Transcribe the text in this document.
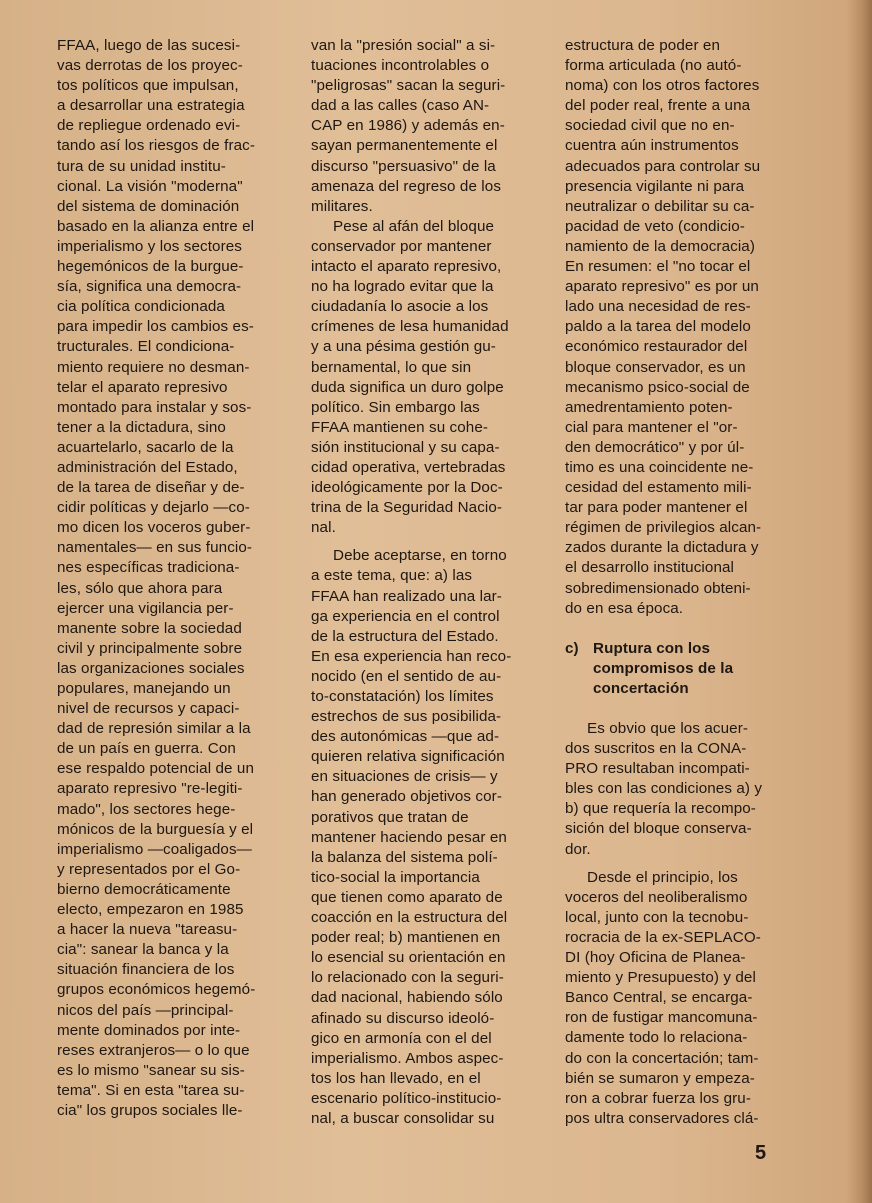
FFAA, luego de las sucesi-
vas derrotas de los proyec-
tos políticos que impulsan,
a desarrollar una estrategia
de repliegue ordenado evi-
tando así los riesgos de frac-
tura de su unidad institu-
cional. La visión "moderna"
del sistema de dominación
basado en la alianza entre el
imperialismo y los sectores
hegemónicos de la burgue-
sía, significa una democra-
cia política condicionada
para impedir los cambios es-
tructurales. El condiciona-
miento requiere no desman-
telar el aparato represivo
montado para instalar y sos-
tener a la dictadura, sino
acuartelarlo, sacarlo de la
administración del Estado,
de la tarea de diseñar y de-
cidir políticas y dejarlo —co-
mo dicen los voceros guber-
namentales— en sus funcio-
nes específicas tradiciona-
les, sólo que ahora para
ejercer una vigilancia per-
manente sobre la sociedad
civil y principalmente sobre
las organizaciones sociales
populares, manejando un
nivel de recursos y capaci-
dad de represión similar a la
de un país en guerra. Con
ese respaldo potencial de un
aparato represivo "re-legiti-
mado", los sectores hege-
mónicos de la burguesía y el
imperialismo —coaligados—
y representados por el Go-
bierno democráticamente
electo, empezaron en 1985
a hacer la nueva "tareasu-
cia": sanear la banca y la
situación financiera de los
grupos económicos hegemó-
nicos del país —principal-
mente dominados por inte-
reses extranjeros— o lo que
es lo mismo "sanear su sis-
tema". Si en esta "tarea su-
cia" los grupos sociales lle-

van la "presión social" a si-
tuaciones incontrolables o
"peligrosas" sacan la seguri-
dad a las calles (caso AN-
CAP en 1986) y además en-
sayan permanentemente el
discurso "persuasivo" de la
amenaza del regreso de los
militares.

Pese al afán del bloque
conservador por mantener
intacto el aparato represivo,
no ha logrado evitar que la
ciudadanía lo asocie a los
crímenes de lesa humanidad
y a una pésima gestión gu-
bernamental, lo que sin
duda significa un duro golpe
político. Sin embargo las
FFAA mantienen su cohe-
sión institucional y su capa-
cidad operativa, vertebradas
ideológicamente por la Doc-
trina de la Seguridad Nacio-
nal.

Debe aceptarse, en torno
a este tema, que: a) las
FFAA han realizado una lar-
ga experiencia en el control
de la estructura del Estado.
En esa experiencia han reco-
nocido (en el sentido de au-
to-constatación) los límites
estrechos de sus posibilida-
des autonómicas —que ad-
quieren relativa significación
en situaciones de crisis— y
han generado objetivos cor-
porativos que tratan de
mantener haciendo pesar en
la balanza del sistema polí-
tico-social la importancia
que tienen como aparato de
coacción en la estructura del
poder real; b) mantienen en
lo esencial su orientación en
lo relacionado con la seguri-
dad nacional, habiendo sólo
afinado su discurso ideoló-
gico en armonía con el del
imperialismo. Ambos aspec-
tos los han llevado, en el
escenario político-institucio-
nal, a buscar consolidar su

estructura de poder en
forma articulada (no autó-
noma) con los otros factores
del poder real, frente a una
sociedad civil que no en-
cuentra aún instrumentos
adecuados para controlar su
presencia vigilante ni para
neutralizar o debilitar su ca-
pacidad de veto (condicio-
namiento de la democracia)
En resumen: el "no tocar el
aparato represivo" es por un
lado una necesidad de res-
paldo a la tarea del modelo
económico restaurador del
bloque conservador, es un
mecanismo psico-social de
amedrentamiento poten-
cial para mantener el "or-
den democrático" y por úl-
timo es una coincidente ne-
cesidad del estamento mili-
tar para poder mantener el
régimen de privilegios alcan-
zados durante la dictadura y
el desarrollo institucional
sobredimensionado obteni-
do en esa época.

c) Ruptura con los
compromisos de la
concertación

Es obvio que los acuer-
dos suscritos en la CONA-
PRO resultaban incompati-
bles con las condiciones a) y
b) que requería la recompo-
sición del bloque conserva-
dor.

Desde el principio, los
voceros del neoliberalismo
local, junto con la tecnobu-
rocracia de la ex-SEPLACO-
DI (hoy Oficina de Planea-
miento y Presupuesto) y del
Banco Central, se encarga-
ron de fustigar mancomuna-
damente todo lo relaciona-
do con la concertación; tam-
bién se sumaron y empeza-
ron a cobrar fuerza los gru-
pos ultra conservadores clá-

5
